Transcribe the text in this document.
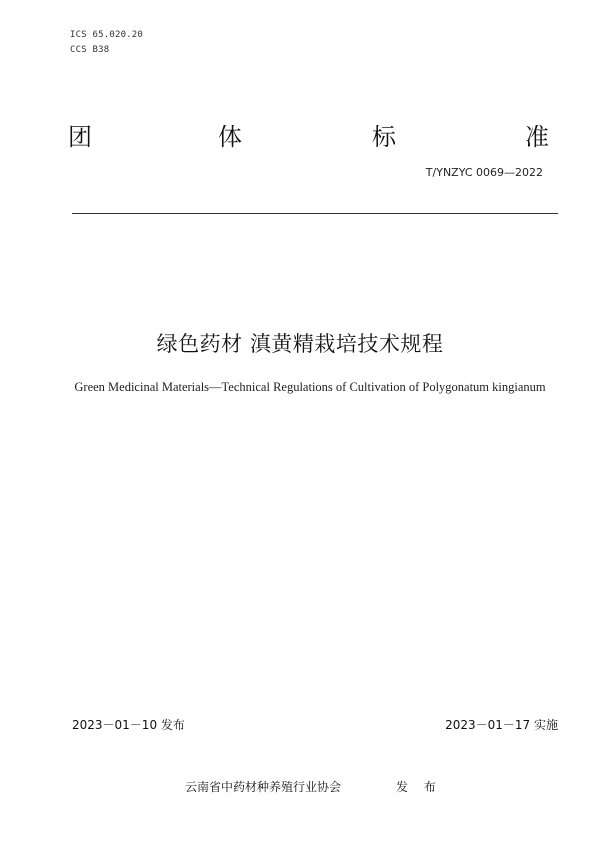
ICS 65.020.20
CCS B38
团	体	标	准
T/YNZYC 0069—2022
绿色药材 滇黄精栽培技术规程
Green Medicinal Materials—Technical Regulations of Cultivation of Polygonatum kingianum
2023－01－10 发布	2023－01－17 实施
云南省中药材种养殖行业协会	发 布
